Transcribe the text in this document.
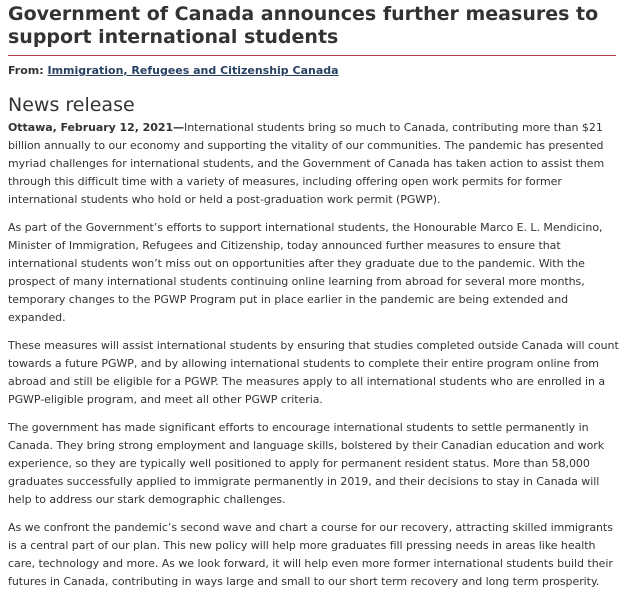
Government of Canada announces further measures to support international students
From: Immigration, Refugees and Citizenship Canada
News release

Ottawa, February 12, 2021—International students bring so much to Canada, contributing more than $21 billion annually to our economy and supporting the vitality of our communities. The pandemic has presented myriad challenges for international students, and the Government of Canada has taken action to assist them through this difficult time with a variety of measures, including offering open work permits for former international students who hold or held a post-graduation work permit (PGWP).

As part of the Government’s efforts to support international students, the Honourable Marco E. L. Mendicino, Minister of Immigration, Refugees and Citizenship, today announced further measures to ensure that international students won’t miss out on opportunities after they graduate due to the pandemic. With the prospect of many international students continuing online learning from abroad for several more months, temporary changes to the PGWP Program put in place earlier in the pandemic are being extended and expanded.

These measures will assist international students by ensuring that studies completed outside Canada will count towards a future PGWP, and by allowing international students to complete their entire program online from abroad and still be eligible for a PGWP. The measures apply to all international students who are enrolled in a PGWP-eligible program, and meet all other PGWP criteria.

The government has made significant efforts to encourage international students to settle permanently in Canada. They bring strong employment and language skills, bolstered by their Canadian education and work experience, so they are typically well positioned to apply for permanent resident status. More than 58,000 graduates successfully applied to immigrate permanently in 2019, and their decisions to stay in Canada will help to address our stark demographic challenges.

As we confront the pandemic’s second wave and chart a course for our recovery, attracting skilled immigrants is a central part of our plan. This new policy will help more graduates fill pressing needs in areas like health care, technology and more. As we look forward, it will help even more former international students build their futures in Canada, contributing in ways large and small to our short term recovery and long term prosperity.
